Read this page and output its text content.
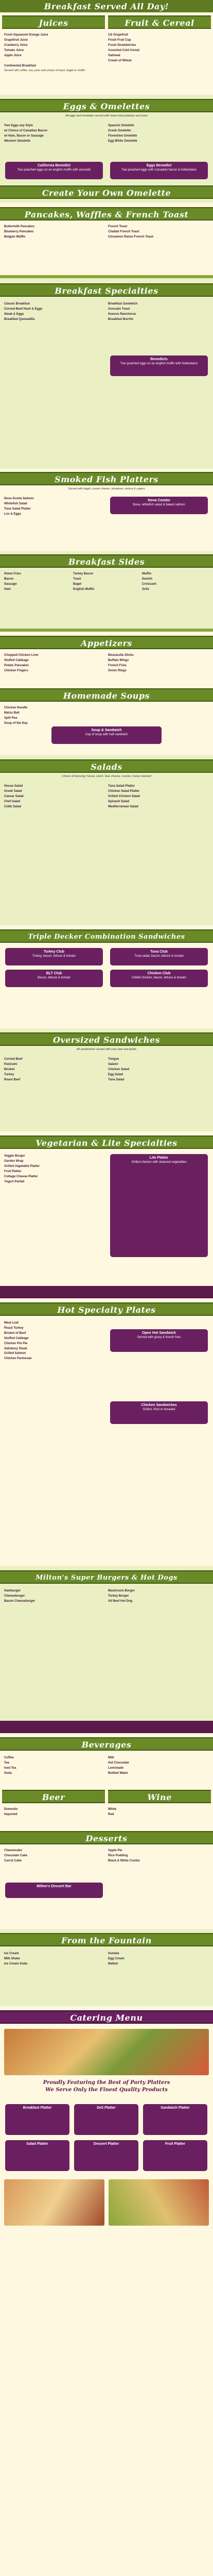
Breakfast Served All Day!
Juices	Fruit & Cereal
Fresh Squeezed Orange Juice
Grapefruit Juice
Cranberry Juice
Tomato Juice
Apple Juice
1/2 Grapefruit
Fresh Fruit Cup
Fresh Strawberries
Assorted Cold Cereal
Oatmeal
Cream of Wheat
Continental Breakfast
Served with coffee, tea, juice and choice of toast, bagel or muffin
Eggs & Omelettes
All eggs and omelettes served with home fried potatoes and toast
Two Eggs any Style
w/ Choice of Canadian Bacon
w/ Ham, Bacon or Sausage
Western Omelette
Spanish Omelette
Greek Omelette
Florentine Omelette
Egg White Omelette
California Benedict
Two poached eggs on an english muffin with avocado
Eggs Benedict
Two poached eggs with Canadian bacon & hollandaise
Create Your Own Omelette
Pancakes, Waffles & French Toast
Buttermilk Pancakes
Blueberry Pancakes
Belgian Waffle
French Toast
Challah French Toast
Cinnamon Raisin French Toast
Breakfast Specialties
Classic Breakfast
Corned Beef Hash & Eggs
Steak & Eggs
Breakfast Quesadilla
Breakfast Sandwich
Avocado Toast
Huevos Rancheros
Breakfast Burrito
Benedicts
Two poached eggs on an english muffin with hollandaise
Smoked Fish Platters
Served with bagel, cream cheese, tomatoes, onions & capers
Nova Scotia Salmon
Whitefish Salad
Tuna Salad Platter
Lox & Eggs
Nova Combo
Nova, whitefish salad & baked salmon
Breakfast Sides
Home Fries
Bacon
Sausage
Ham
Turkey Bacon
Toast
Bagel
English Muffin
Muffin
Danish
Croissant
Grits
Appetizers
Chopped Chicken Liver
Stuffed Cabbage
Potato Pancakes
Chicken Fingers
Mozzarella Sticks
Buffalo Wings
French Fries
Onion Rings
Homemade Soups
Chicken Noodle
Matzo Ball
Split Pea
Soup of the Day
Soup & Sandwich
Cup of soup with half sandwich
Salads
Choice of dressing: house, ranch, blue cheese, russian, honey mustard
House Salad
Greek Salad
Caesar Salad
Chef Salad
Cobb Salad
Tuna Salad Platter
Chicken Salad Platter
Grilled Chicken Salad
Spinach Salad
Mediterranean Salad
Triple Decker Combination Sandwiches
Turkey Club
Turkey, bacon, lettuce & tomato
Tuna Club
Tuna salad, bacon, lettuce & tomato
BLT Club
Bacon, lettuce & tomato
Chicken Club
Grilled chicken, bacon, lettuce & tomato
Oversized Sandwiches
All sandwiches served with cole slaw and pickle
Corned Beef
Pastrami
Brisket
Turkey
Roast Beef
Tongue
Salami
Chicken Salad
Egg Salad
Tuna Salad
Vegetarian & Lite Specialties
Veggie Burger
Garden Wrap
Grilled Vegetable Platter
Fruit Platter
Cottage Cheese Platter
Yogurt Parfait
Lite Platter
Grilled chicken with steamed vegetables
Hot Specialty Plates
Meat Loaf
Roast Turkey
Brisket of Beef
Stuffed Cabbage
Chicken Pot Pie
Salisbury Steak
Grilled Salmon
Chicken Parmesan
Open Hot Sandwich
Served with gravy & french fries
Chicken Sandwiches
Grilled, fried or breaded
Milton's Super Burgers & Hot Dogs
Hamburger
Cheeseburger
Bacon Cheeseburger
Mushroom Burger
Turkey Burger
All Beef Hot Dog
Beverages
Coffee
Tea
Iced Tea
Soda
Milk
Hot Chocolate
Lemonade
Bottled Water
Beer	Wine
Domestic
Imported
White
Red
Desserts
Cheesecake
Chocolate Cake
Carrot Cake
Apple Pie
Rice Pudding
Black & White Cookie
Milton's Dessert Bar
From the Fountain
Ice Cream
Milk Shake
Ice Cream Soda
Sundae
Egg Cream
Malted
Catering Menu
Proudly Featuring the Best of Party Platters
We Serve Only the Finest Quality Products
Breakfast Platter	Deli Platter	Sandwich Platter
Salad Platter	Dessert Platter	Fruit Platter
